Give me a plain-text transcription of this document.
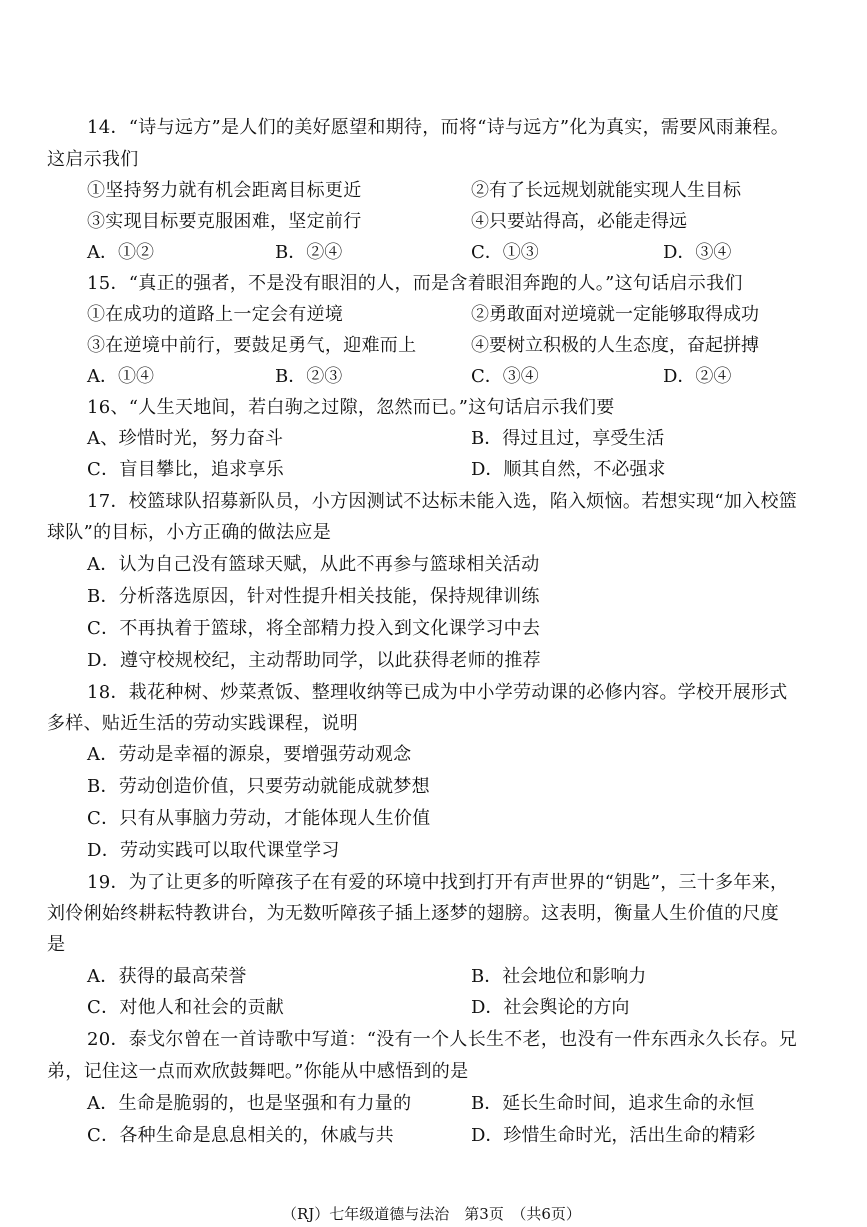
14．“诗与远方”是人们的美好愿望和期待，而将“诗与远方”化为真实，需要风雨兼程。
这启示我们
①坚持努力就有机会距离目标更近	②有了长远规划就能实现人生目标
③实现目标要克服困难，坚定前行	④只要站得高，必能走得远
A．①②	B．②④	C．①③	D．③④
15．“真正的强者，不是没有眼泪的人，而是含着眼泪奔跑的人。”这句话启示我们
①在成功的道路上一定会有逆境	②勇敢面对逆境就一定能够取得成功
③在逆境中前行，要鼓足勇气，迎难而上	④要树立积极的人生态度，奋起拼搏
A．①④	B．②③	C．③④	D．②④
16、“人生天地间，若白驹之过隙，忽然而已。”这句话启示我们要
A、珍惜时光，努力奋斗	B．得过且过，享受生活
C．盲目攀比，追求享乐	D．顺其自然，不必强求
17．校篮球队招募新队员，小方因测试不达标未能入选，陷入烦恼。若想实现“加入校篮
球队”的目标，小方正确的做法应是
A．认为自己没有篮球天赋，从此不再参与篮球相关活动
B．分析落选原因，针对性提升相关技能，保持规律训练
C．不再执着于篮球，将全部精力投入到文化课学习中去
D．遵守校规校纪，主动帮助同学，以此获得老师的推荐
18．栽花种树、炒菜煮饭、整理收纳等已成为中小学劳动课的必修内容。学校开展形式
多样、贴近生活的劳动实践课程，说明
A．劳动是幸福的源泉，要增强劳动观念
B．劳动创造价值，只要劳动就能成就梦想
C．只有从事脑力劳动，才能体现人生价值
D．劳动实践可以取代课堂学习
19．为了让更多的听障孩子在有爱的环境中找到打开有声世界的“钥匙”，三十多年来，
刘伶俐始终耕耘特教讲台，为无数听障孩子插上逐梦的翅膀。这表明，衡量人生价值的尺度
是
A．获得的最高荣誉	B．社会地位和影响力
C．对他人和社会的贡献	D．社会舆论的方向
20．泰戈尔曾在一首诗歌中写道：“没有一个人长生不老，也没有一件东西永久长存。兄
弟，记住这一点而欢欣鼓舞吧。”你能从中感悟到的是
A．生命是脆弱的，也是坚强和有力量的	B．延长生命时间，追求生命的永恒
C．各种生命是息息相关的，休戚与共	D．珍惜生命时光，活出生命的精彩
（RJ）七年级道德与法治　第3页　（共6页）
